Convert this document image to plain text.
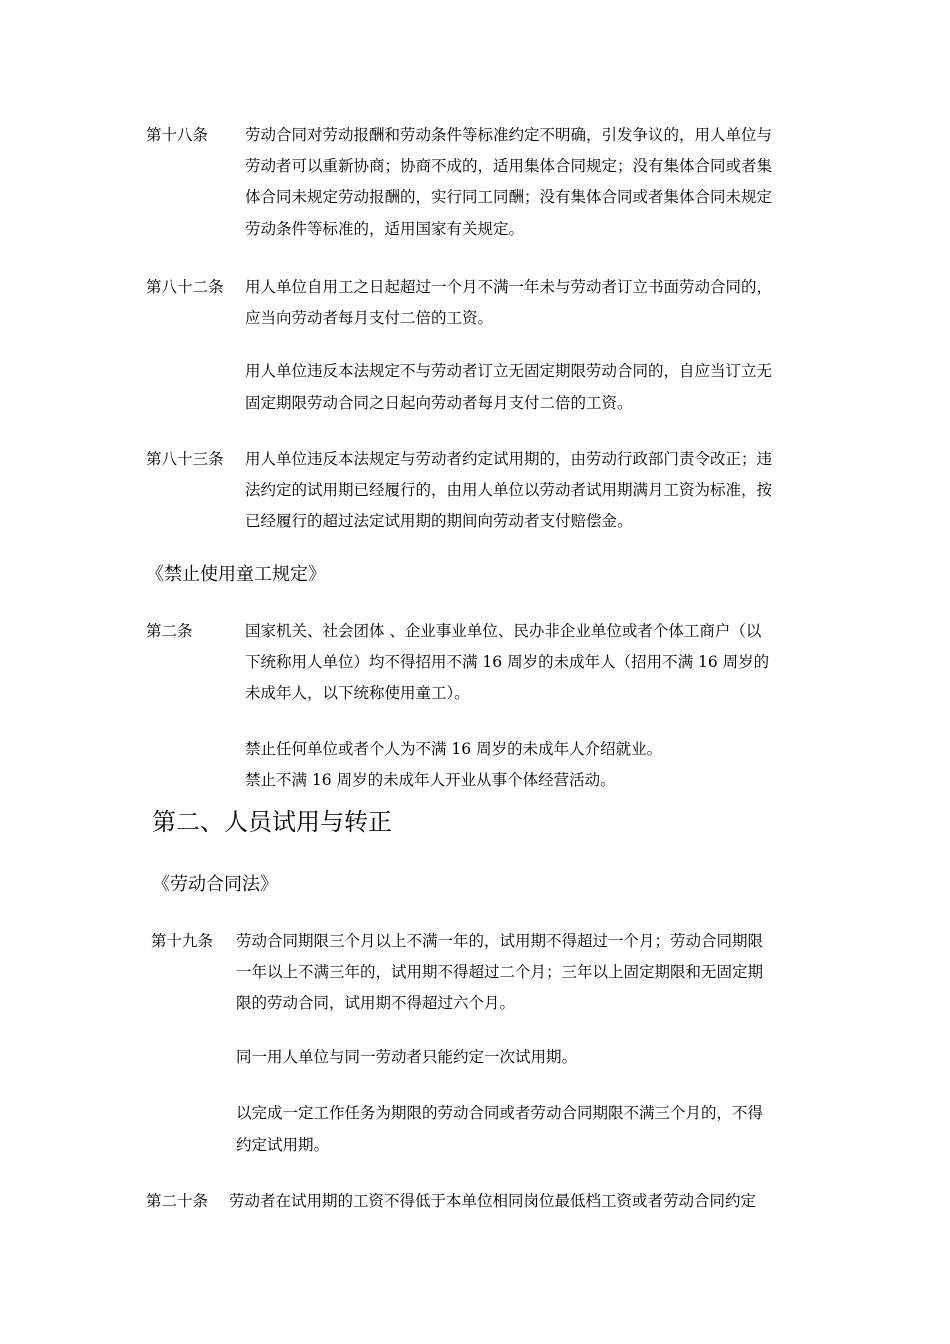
第十八条 劳动合同对劳动报酬和劳动条件等标准约定不明确，引发争议的，用人单位与
劳动者可以重新协商；协商不成的，适用集体合同规定；没有集体合同或者集
体合同未规定劳动报酬的，实行同工同酬；没有集体合同或者集体合同未规定
劳动条件等标准的，适用国家有关规定。
第八十二条 用人单位自用工之日起超过一个月不满一年未与劳动者订立书面劳动合同的，
应当向劳动者每月支付二倍的工资。
用人单位违反本法规定不与劳动者订立无固定期限劳动合同的，自应当订立无
固定期限劳动合同之日起向劳动者每月支付二倍的工资。
第八十三条 用人单位违反本法规定与劳动者约定试用期的，由劳动行政部门责令改正；违
法约定的试用期已经履行的，由用人单位以劳动者试用期满月工资为标准，按
已经履行的超过法定试用期的期间向劳动者支付赔偿金。
《禁止使用童工规定》
第二条	国家机关、社会团体 、企业事业单位、民办非企业单位或者个体工商户（以
下统称用人单位）均不得招用不满 16 周岁的未成年人（招用不满 16 周岁的
未成年人，以下统称使用童工）。
禁止任何单位或者个人为不满 16 周岁的未成年人介绍就业。
禁止不满 16 周岁的未成年人开业从事个体经营活动。
第二、人员试用与转正
《劳动合同法》
第十九条 劳动合同期限三个月以上不满一年的，试用期不得超过一个月；劳动合同期限
一年以上不满三年的，试用期不得超过二个月；三年以上固定期限和无固定期
限的劳动合同，试用期不得超过六个月。
同一用人单位与同一劳动者只能约定一次试用期。
以完成一定工作任务为期限的劳动合同或者劳动合同期限不满三个月的，不得
约定试用期。
第二十条 劳动者在试用期的工资不得低于本单位相同岗位最低档工资或者劳动合同约定
